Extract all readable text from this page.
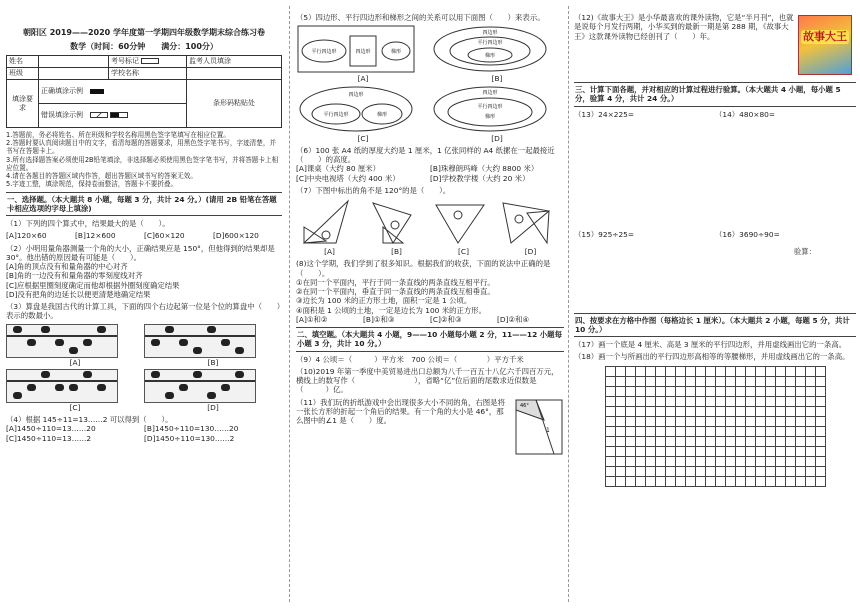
朝阳区 2019——2020 学年度第一学期四年级数学期末综合练习卷
数学（时间：60分钟　　满分：100分）
姓名		考号标记	监考人员填涂
班级		学校名称	
填涂要求	正确填涂示例　		条形码粘贴处
	错误填涂示例		　
1.答题前，务必将姓名、所在班级和学校名称用黑色签字笔填写在相应位置。
2.答题时要认真阅读题目中的文字，看清每题的答题要求，用黑色签字笔书写，字迹清楚，并书写在答题卡上。
3.所有选择题答案必须使用2B铅笔填涂，非选择题必须使用黑色签字笔书写，并将答题卡上相应位置。
4.请在各题目的答题区域内作答，超出答题区域书写的答案无效。
5.字迹工整，填涂规范，保持卷面整洁，答题卡不要折叠。
一、选择题。（本大题共 8 小题，每题 3 分，共计 24 分。）(请用 2B 铅笔在答题卡相应选项的字母上填涂)
（1）下列的四个算式中，结果最大的是（　　）。
[A]120×60	[B]12×600	[C]60×120	[D]600×120
（2）小明用量角器测量一个角的大小，正确结果应是 150°，但他得到的结果却是 30°。他出错的原因最有可能是（　　）。
[A]角的顶点没有和量角器的中心对齐
[B]角的一边没有和量角器的零刻度线对齐
[C]应根据里圈刻度确定而他却根据外圈刻度确定结果
[D]没有把角的边延长以便更清楚地确定结果
（3）算盘是我国古代的计算工具，下面的四个右边起第一位是个位的算盘中（　　）表示的数最小。
[A]	[B]
[C]	[D]
（4）根据 145÷11=13……2 可以得到（　　）。
[A]1450÷110=13……20	[B]1450÷110=130……20
[C]1450÷110=13……2	[D]1450÷110=130……2
（5）四边形、平行四边形和梯形之间的关系可以用下面图（　　）来表示。
平行四边形	四边形	梯形
[A]
四边形
平行四边形
梯形
[B]
四边形
平行四边形	梯形
[C]
四边形
平行四边形
梯形
[D]
（6）100 张 A4 纸的厚度大约是 1 厘米，1 亿张同样的 A4 纸摞在一起最接近（　　）的高度。
[A]课桌（大约 80 厘米）	[B]珠穆朗玛峰（大约 8800 米）
[C]中央电视塔（大约 400 米）	[D]学校教学楼（大约 20 米）
（7）下图中标出的角不是 120°的是（　　）。
[A]	[B]	[C]	[D]
(8)这个学期，我们学到了很多知识。根据我们的收获，下面的说法中正确的是（　　）。
①在同一个平面内，平行于同一条直线的两条直线互相平行。
②在同一个平面内，垂直于同一条直线的两条直线互相垂直。
③边长为 100 米的正方形土地，面积一定是 1 公顷。
④面积是 1 公顷的土地，一定是边长为 100 米的正方形。
[A]①和②	[B]①和③	[C]②和③	[D]②和④
二、填空题。（本大题共 4 小题，9——10 小题每小题 2 分，11——12 小题每小题 3 分，共计 10 分。）
（9）4 公顷＝（　　　）平方米　700 公顷＝（　　　　）平方千米
（10)2019 年第一季度中美贸易进出口总额为八千一百五十八亿六千四百万元，横线上的数写作（　　　　　　　　），省略“亿”位后面的尾数求近似数是（　　　）亿。
（11）我们玩的折纸游戏中会出现很多大小不同的角，右图是将一张长方形的折起一个角后的结果。有一个角的大小是 46°，那么图中的∠1 是（　　）度。
46°
1
（12)《故事大王》是小华最喜欢的课外读物，它是“半月刊”，也就是说每个月发行两期，小华买到的最新一期是第 288 期，《故事大王》这款课外读物已经创刊了（　　）年。	故事大王
三、计算下面各题，并对相应的计算过程进行验算。（本大题共 4 小题，每小题 5 分，验算 4 分，共计 24 分。）
（13）24×225=	（14）480×80=
（15）925÷25=	（16）3690÷90=
验算：
四、按要求在方格中作图（每格边长 1 厘米）。（本大题共 2 小题，每题 5 分，共计 10 分。）
（17）画一个底是 4 厘米、高是 3 厘米的平行四边形，并用虚线画出它的一条高。
（18）画一个与所画出的平行四边形高相等的等腰梯形，并用虚线画出它的一条高。
